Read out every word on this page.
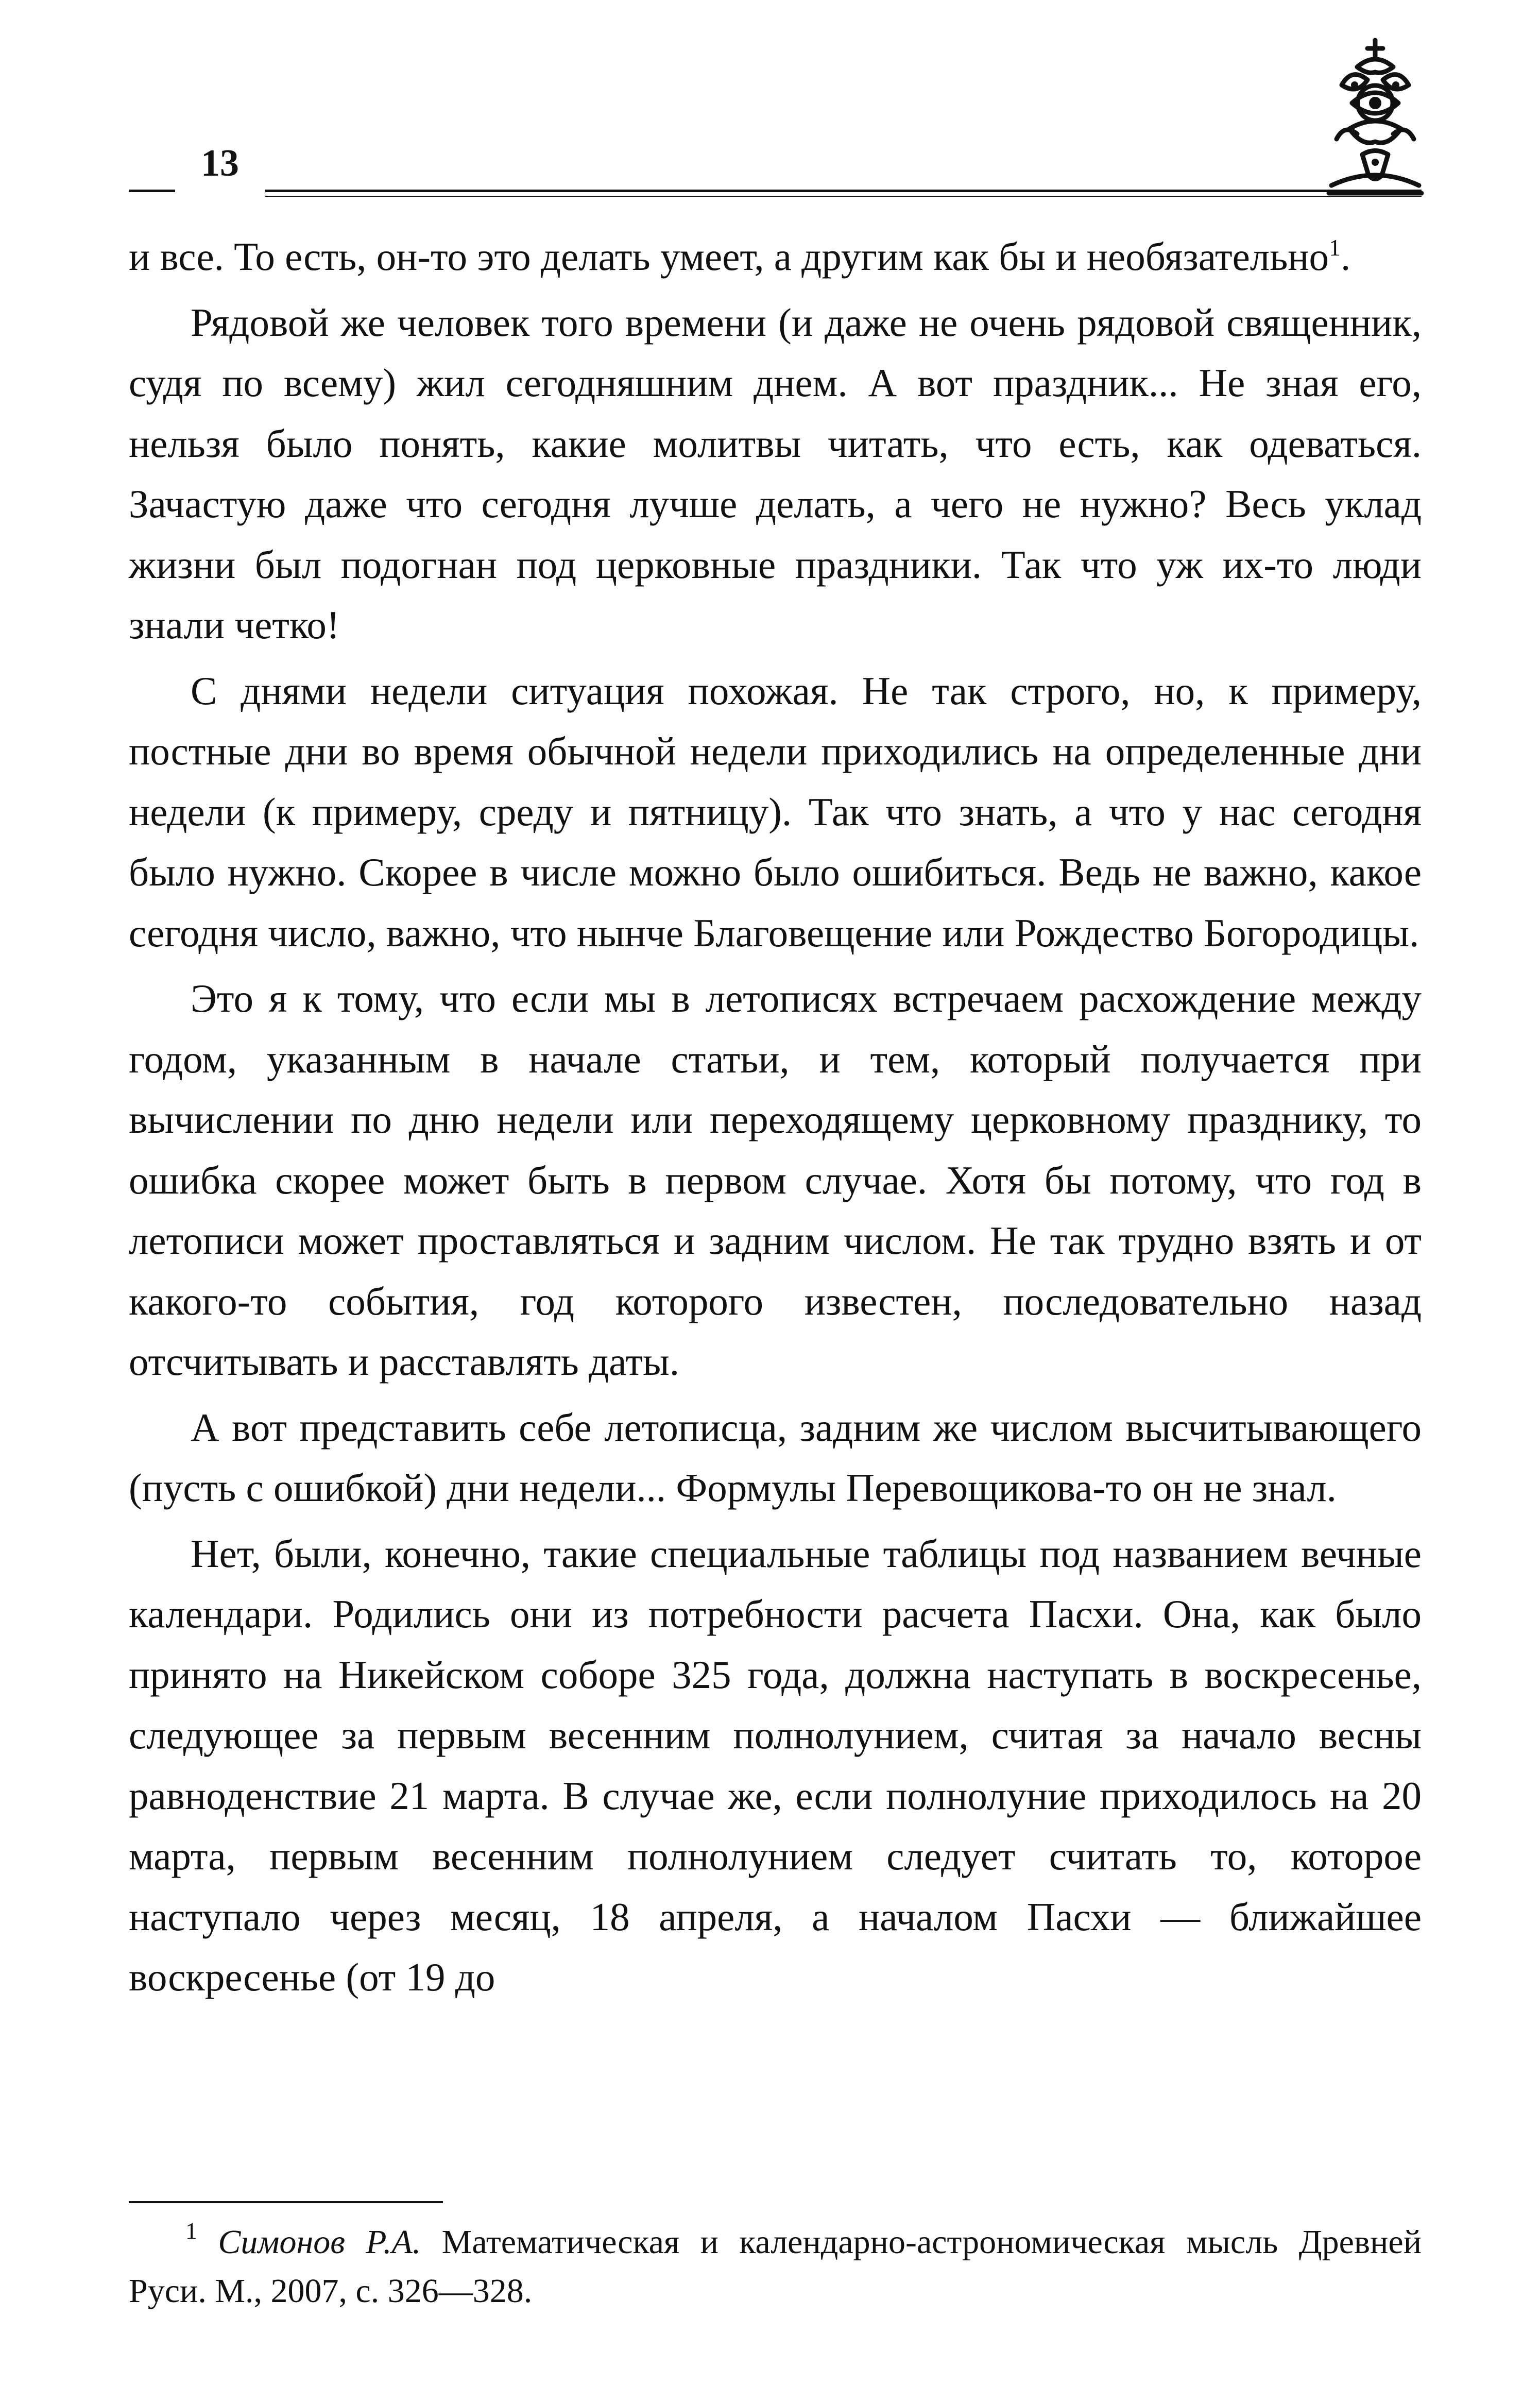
13

и все. То есть, он-то это делать умеет, а другим как бы и необязательно$^1$.

Рядовой же человек того времени (и даже не очень рядовой священник, судя по всему) жил сегодняшним днем. А вот праздник... Не зная его, нельзя было понять, какие молитвы читать, что есть, как одеваться. Зачастую даже что сегодня лучше делать, а чего не нужно? Весь уклад жизни был подогнан под церковные праздники. Так что уж их-то люди знали четко!

С днями недели ситуация похожая. Не так строго, но, к примеру, постные дни во время обычной недели приходились на определенные дни недели (к примеру, среду и пятницу). Так что знать, а что у нас сегодня было нужно. Скорее в числе можно было ошибиться. Ведь не важно, какое сегодня число, важно, что нынче Благовещение или Рождество Богородицы.

Это я к тому, что если мы в летописях встречаем расхождение между годом, указанным в начале статьи, и тем, который получается при вычислении по дню недели или переходящему церковному празднику, то ошибка скорее может быть в первом случае. Хотя бы потому, что год в летописи может проставляться и задним числом. Не так трудно взять и от какого-то события, год которого известен, последовательно назад отсчитывать и расставлять даты.

А вот представить себе летописца, задним же числом высчитывающего (пусть с ошибкой) дни недели... Формулы Перевощикова-то он не знал.

Нет, были, конечно, такие специальные таблицы под названием вечные календари. Родились они из потребности расчета Пасхи. Она, как было принято на Никейском соборе 325 года, должна наступать в воскресенье, следующее за первым весенним полнолунием, считая за начало весны равноденствие 21 марта. В случае же, если полнолуние приходилось на 20 марта, первым весенним полнолунием следует считать то, которое наступало через месяц, 18 апреля, а началом Пасхи — ближайшее воскресенье (от 19 до

$^1$ Симонов Р.А. Математическая и календарно-астрономическая мысль Древней Руси. М., 2007, с. 326—328.
